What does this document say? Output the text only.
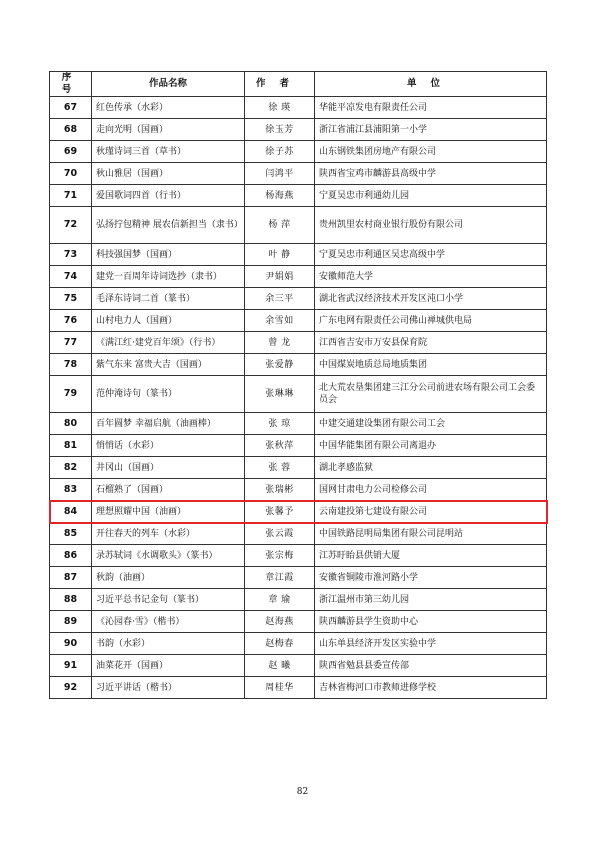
序号	作品名称	作者	单位
67	红色传承（水彩）	徐 瑛	华能平凉发电有限责任公司
68	走向光明（国画）	徐玉芳	浙江省浦江县浦阳第一小学
69	秋瑾诗词三首（草书）	徐子苏	山东钢铁集团房地产有限公司
70	秋山雅居（国画）	闫鸿平	陕西省宝鸡市麟游县高级中学
71	爱国歌词四首（行书）	杨海燕	宁夏吴忠市利通幼儿园
72	弘扬拧包精神 展农信新担当（隶书）	杨 萍	贵州凯里农村商业银行股份有限公司
73	科技强国梦（国画）	叶 静	宁夏吴忠市利通区吴忠高级中学
74	建党一百周年诗词选抄（隶书）	尹娟娟	安徽师范大学
75	毛泽东诗词二首（篆书）	余三平	湖北省武汉经济技术开发区沌口小学
76	山村电力人（国画）	余雪如	广东电网有限责任公司佛山禅城供电局
77	《满江红·建党百年颂》（行书）	曾 龙	江西省吉安市万安县保育院
78	紫气东来 富贵大吉（国画）	张爱静	中国煤炭地质总局地质集团
79	范仲淹诗句（篆书）	张琳琳	北大荒农垦集团建三江分公司前进农场有限公司工会委员会
80	百年圆梦 幸福启航（油画棒）	张 琼	中建交通建设集团有限公司工会
81	悄悄话（水彩）	张秋萍	中国华能集团有限公司离退办
82	井冈山（国画）	张 蓉	湖北孝感监狱
83	石榴熟了（国画）	张瑞彬	国网甘肃电力公司检修公司
84	理想照耀中国（油画）	张馨予	云南建投第七建设有限公司
85	开往春天的列车（水彩）	张云霞	中国铁路昆明局集团有限公司昆明站
86	录苏轼词《水调歌头》（篆书）	张宗梅	江苏盱眙县供销大厦
87	秋韵（油画）	章江霞	安徽省铜陵市淮河路小学
88	习近平总书记金句（篆书）	章 瑜	浙江温州市第三幼儿园
89	《沁园春·雪》（楷书）	赵海燕	陕西麟游县学生资助中心
90	书韵（水彩）	赵梅春	山东单县经济开发区实验中学
91	油菜花开（国画）	赵 曦	陕西省勉县县委宣传部
92	习近平讲话（楷书）	周桂华	吉林省梅河口市教师进修学校
82
